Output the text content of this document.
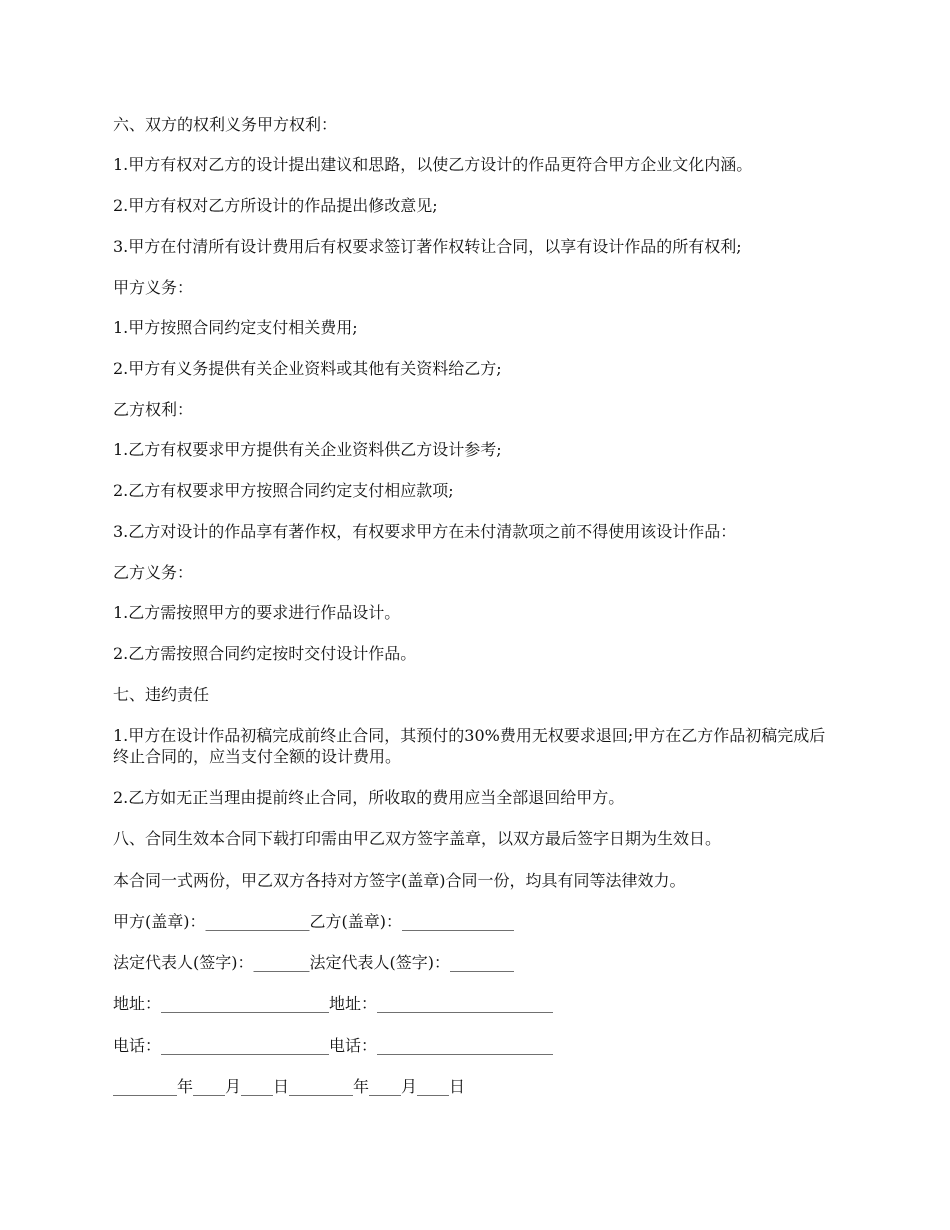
六、双方的权利义务甲方权利：
1.甲方有权对乙方的设计提出建议和思路，以使乙方设计的作品更符合甲方企业文化内涵。
2.甲方有权对乙方所设计的作品提出修改意见;
3.甲方在付清所有设计费用后有权要求签订著作权转让合同，以享有设计作品的所有权利;
甲方义务：
1.甲方按照合同约定支付相关费用;
2.甲方有义务提供有关企业资料或其他有关资料给乙方;
乙方权利：
1.乙方有权要求甲方提供有关企业资料供乙方设计参考;
2.乙方有权要求甲方按照合同约定支付相应款项;
3.乙方对设计的作品享有著作权，有权要求甲方在未付清款项之前不得使用该设计作品：
乙方义务：
1.乙方需按照甲方的要求进行作品设计。
2.乙方需按照合同约定按时交付设计作品。
七、违约责任
1.甲方在设计作品初稿完成前终止合同，其预付的30%费用无权要求退回;甲方在乙方作品初稿完成后终止合同的，应当支付全额的设计费用。
2.乙方如无正当理由提前终止合同，所收取的费用应当全部退回给甲方。
八、合同生效本合同下载打印需由甲乙双方签字盖章，以双方最后签字日期为生效日。
本合同一式两份，甲乙双方各持对方签字(盖章)合同一份，均具有同等法律效力。
甲方(盖章)：_____________乙方(盖章)：______________
法定代表人(签字)：_______法定代表人(签字)：________
地址：_____________________地址：______________________
电话：_____________________电话：______________________
________年____月____日________年____月____日
